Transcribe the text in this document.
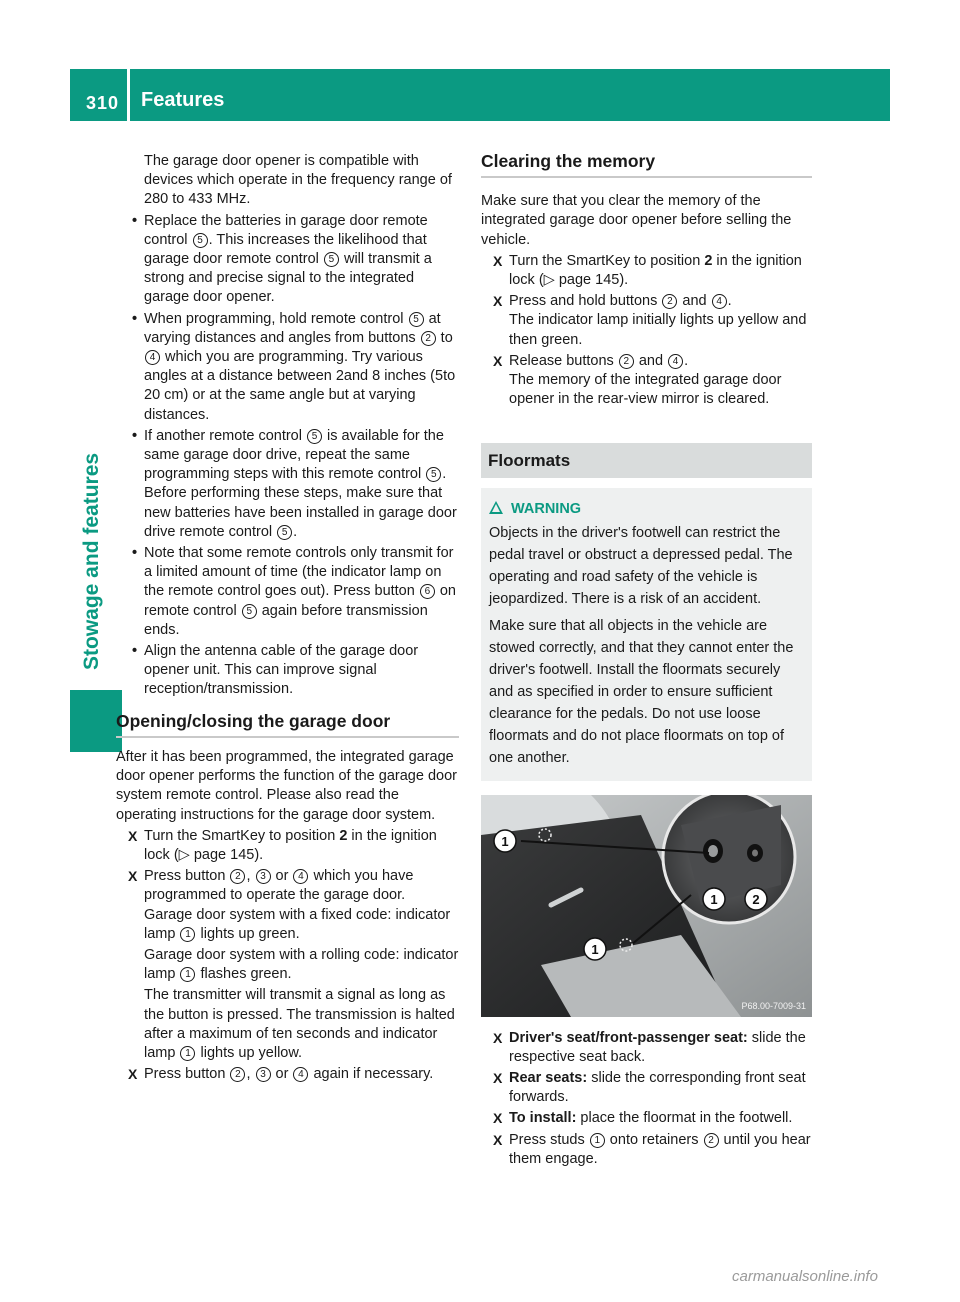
310 Features
Stowage and features

The garage door opener is compatible with devices which operate in the frequency range of 280 to 433 MHz.

• Replace the batteries in garage door remote control 5 . This increases the likelihood that garage door remote control 5 will transmit a strong and precise signal to the integrated garage door opener.
• When programming, hold remote control 5 at varying distances and angles from buttons 2 to 4 which you are programming. Try various angles at a distance between 2and 8 inches (5to 20 cm) or at the same angle but at varying distances.
• If another remote control 5 is available for the same garage door drive, repeat the same programming steps with this remote control 5 . Before performing these steps, make sure that new batteries have been installed in garage door drive remote control 5 .
• Note that some remote controls only transmit for a limited amount of time (the indicator lamp on the remote control goes out). Press button 6 on remote control 5 again before transmission ends.
• Align the antenna cable of the garage door opener unit. This can improve signal reception/transmission.
Opening/closing the garage door

After it has been programmed, the integrated garage door opener performs the function of the garage door system remote control. Please also read the operating instructions for the garage door system.

X Turn the SmartKey to position 2 in the ignition lock (▷ page 145).
X Press button 2 , 3 or 4 which you have programmed to operate the garage door.

Garage door system with a fixed code: indicator lamp 1 lights up green.

Garage door system with a rolling code: indicator lamp 1 flashes green.

The transmitter will transmit a signal as long as the button is pressed. The transmission is halted after a maximum of ten seconds and indicator lamp 1 lights up yellow.

X Press button 2 , 3 or 4 again if necessary.
Clearing the memory

Make sure that you clear the memory of the integrated garage door opener before selling the vehicle.

X Turn the SmartKey to position 2 in the ignition lock (▷ page 145).
X Press and hold buttons 2 and 4 .

The indicator lamp initially lights up yellow and then green.

X Release buttons 2 and 4 .

The memory of the integrated garage door opener in the rear-view mirror is cleared.

Floormats
WARNING

Objects in the driver's footwell can restrict the pedal travel or obstruct a depressed pedal. The operating and road safety of the vehicle is jeopardized. There is a risk of an accident.

Make sure that all objects in the vehicle are stowed correctly, and that they cannot enter the driver's footwell. Install the floormats securely and as specified in order to ensure sufficient clearance for the pedals. Do not use loose floormats and do not place floormats on top of one another.

1
1
1	2
P68.00-7009-31
X Driver's seat/front-passenger seat: slide the respective seat back.
X Rear seats: slide the corresponding front seat forwards.
X To install: place the floormat in the footwell.
X Press studs 1 onto retainers 2 until you hear them engage.
carmanualsonline.info
